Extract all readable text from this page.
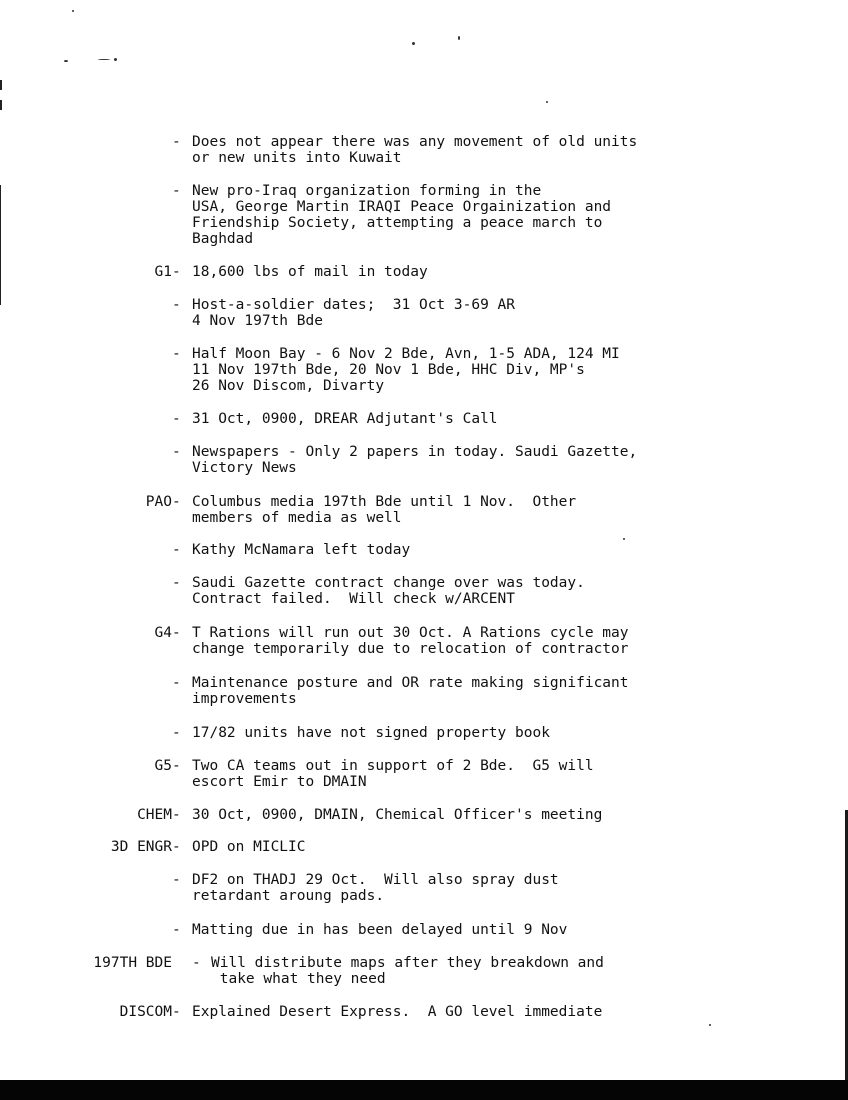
- Does not appear there was any movement of old units
or new units into Kuwait
- New pro-Iraq organization forming in the
USA, George Martin IRAQI Peace Orgainization and
Friendship Society, attempting a peace march to
Baghdad
G1 - 18,600 lbs of mail in today
- Host-a-soldier dates;  31 Oct 3-69 AR
4 Nov 197th Bde
- Half Moon Bay - 6 Nov 2 Bde, Avn, 1-5 ADA, 124 MI
11 Nov 197th Bde, 20 Nov 1 Bde, HHC Div, MP's
26 Nov Discom, Divarty
- 31 Oct, 0900, DREAR Adjutant's Call
- Newspapers - Only 2 papers in today. Saudi Gazette,
Victory News
PAO - Columbus media 197th Bde until 1 Nov.  Other
members of media as well
- Kathy McNamara left today
- Saudi Gazette contract change over was today.
Contract failed.  Will check w/ARCENT
G4 - T Rations will run out 30 Oct. A Rations cycle may
change temporarily due to relocation of contractor
- Maintenance posture and OR rate making significant
improvements
- 17/82 units have not signed property book
G5 - Two CA teams out in support of 2 Bde.  G5 will
escort Emir to DMAIN
CHEM - 30 Oct, 0900, DMAIN, Chemical Officer's meeting
3D ENGR - OPD on MICLIC
- DF2 on THADJ 29 Oct.  Will also spray dust
retardant aroung pads.
- Matting due in has been delayed until 9 Nov
197TH BDE - Will distribute maps after they breakdown and
take what they need
DISCOM - Explained Desert Express.  A GO level immediate
